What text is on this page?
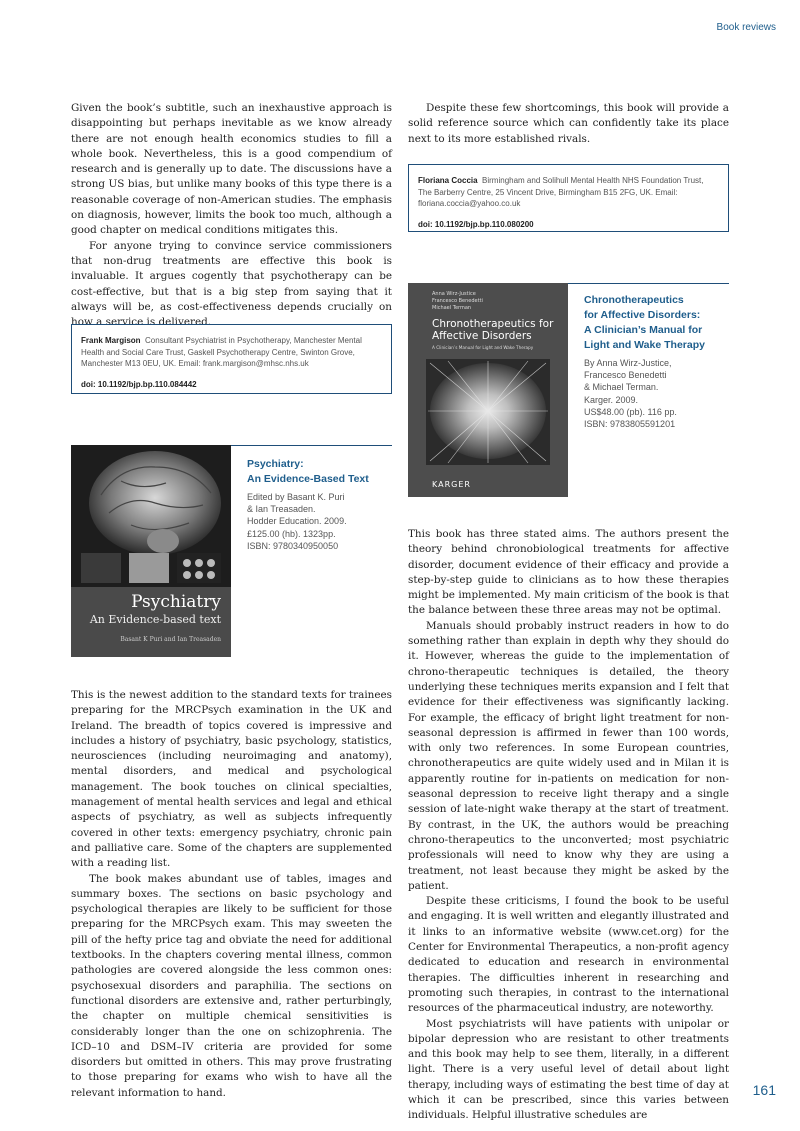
Book reviews

Given the book’s subtitle, such an inexhaustive approach is disappointing but perhaps inevitable as we know already there are not enough health economics studies to fill a whole book. Nevertheless, this is a good compendium of research and is generally up to date. The discussions have a strong US bias, but unlike many books of this type there is a reasonable coverage of non-American studies. The emphasis on diagnosis, however, limits the book too much, although a good chapter on medical conditions mitigates this.

For anyone trying to convince service commissioners that non-drug treatments are effective this book is invaluable. It argues cogently that psychotherapy can be cost-effective, but that is a big step from saying that it always will be, as cost-effectiveness depends crucially on how a service is delivered.

Frank Margison Consultant Psychiatrist in Psychotherapy, Manchester Mental Health and Social Care Trust, Gaskell Psychotherapy Centre, Swinton Grove, Manchester M13 0EU, UK. Email: frank.margison@mhsc.nhs.uk
doi: 10.1192/bjp.bp.110.084442
Psychiatry
An Evidence-based text
Basant K Puri and Ian Treasaden
Psychiatry:
An Evidence-Based Text
Edited by Basant K. Puri
& Ian Treasaden.
Hodder Education. 2009.
£125.00 (hb). 1323pp.
ISBN: 9780340950050

This is the newest addition to the standard texts for trainees preparing for the MRCPsych examination in the UK and Ireland. The breadth of topics covered is impressive and includes a history of psychiatry, basic psychology, statistics, neurosciences (including neuroimaging and anatomy), mental disorders, and medical and psychological management. The book touches on clinical specialties, management of mental health services and legal and ethical aspects of psychiatry, as well as subjects infrequently covered in other texts: emergency psychiatry, chronic pain and palliative care. Some of the chapters are supplemented with a reading list.

The book makes abundant use of tables, images and summary boxes. The sections on basic psychology and psychological therapies are likely to be sufficient for those preparing for the MRCPsych exam. This may sweeten the pill of the hefty price tag and obviate the need for additional textbooks. In the chapters covering mental illness, common pathologies are covered alongside the less common ones: psychosexual disorders and paraphilia. The sections on functional disorders are extensive and, rather perturbingly, the chapter on multiple chemical sensitivities is considerably longer than the one on schizophrenia. The ICD–10 and DSM–IV criteria are provided for some disorders but omitted in others. This may prove frustrating to those preparing for exams who wish to have all the relevant information to hand.

Despite these few shortcomings, this book will provide a solid reference source which can confidently take its place next to its more established rivals.

Floriana Coccia Birmingham and Solihull Mental Health NHS Foundation Trust, The Barberry Centre, 25 Vincent Drive, Birmingham B15 2FG, UK. Email: floriana.coccia@yahoo.co.uk
doi: 10.1192/bjp.bp.110.080200
Anna Wirz-Justice
Francesco Benedetti
Michael Terman
Chronotherapeutics for
Affective Disorders
A Clinician’s Manual for Light and Wake Therapy
KARGER
Chronotherapeutics
for Affective Disorders:
A Clinician’s Manual for
Light and Wake Therapy
By Anna Wirz-Justice,
Francesco Benedetti
& Michael Terman.
Karger. 2009.
US$48.00 (pb). 116 pp.
ISBN: 9783805591201

This book has three stated aims. The authors present the theory behind chronobiological treatments for affective disorder, document evidence of their efficacy and provide a step-by-step guide to clinicians as to how these therapies might be implemented. My main criticism of the book is that the balance between these three areas may not be optimal.

Manuals should probably instruct readers in how to do something rather than explain in depth why they should do it. However, whereas the guide to the implementation of chrono-therapeutic techniques is detailed, the theory underlying these techniques merits expansion and I felt that evidence for their effectiveness was significantly lacking. For example, the efficacy of bright light treatment for non-seasonal depression is affirmed in fewer than 100 words, with only two references. In some European countries, chronotherapeutics are quite widely used and in Milan it is apparently routine for in-patients on medication for non-seasonal depression to receive light therapy and a single session of late-night wake therapy at the start of treatment. By contrast, in the UK, the authors would be preaching chrono-therapeutics to the unconverted; most psychiatric professionals will need to know why they are using a treatment, not least because they might be asked by the patient.

Despite these criticisms, I found the book to be useful and engaging. It is well written and elegantly illustrated and it links to an informative website (www.cet.org) for the Center for Environmental Therapeutics, a non-profit agency dedicated to education and research in environmental therapies. The difficulties inherent in researching and promoting such therapies, in contrast to the international resources of the pharmaceutical industry, are noteworthy.

Most psychiatrists will have patients with unipolar or bipolar depression who are resistant to other treatments and this book may help to see them, literally, in a different light. There is a very useful level of detail about light therapy, including ways of estimating the best time of day at which it can be prescribed, since this varies between individuals. Helpful illustrative schedules are

161
